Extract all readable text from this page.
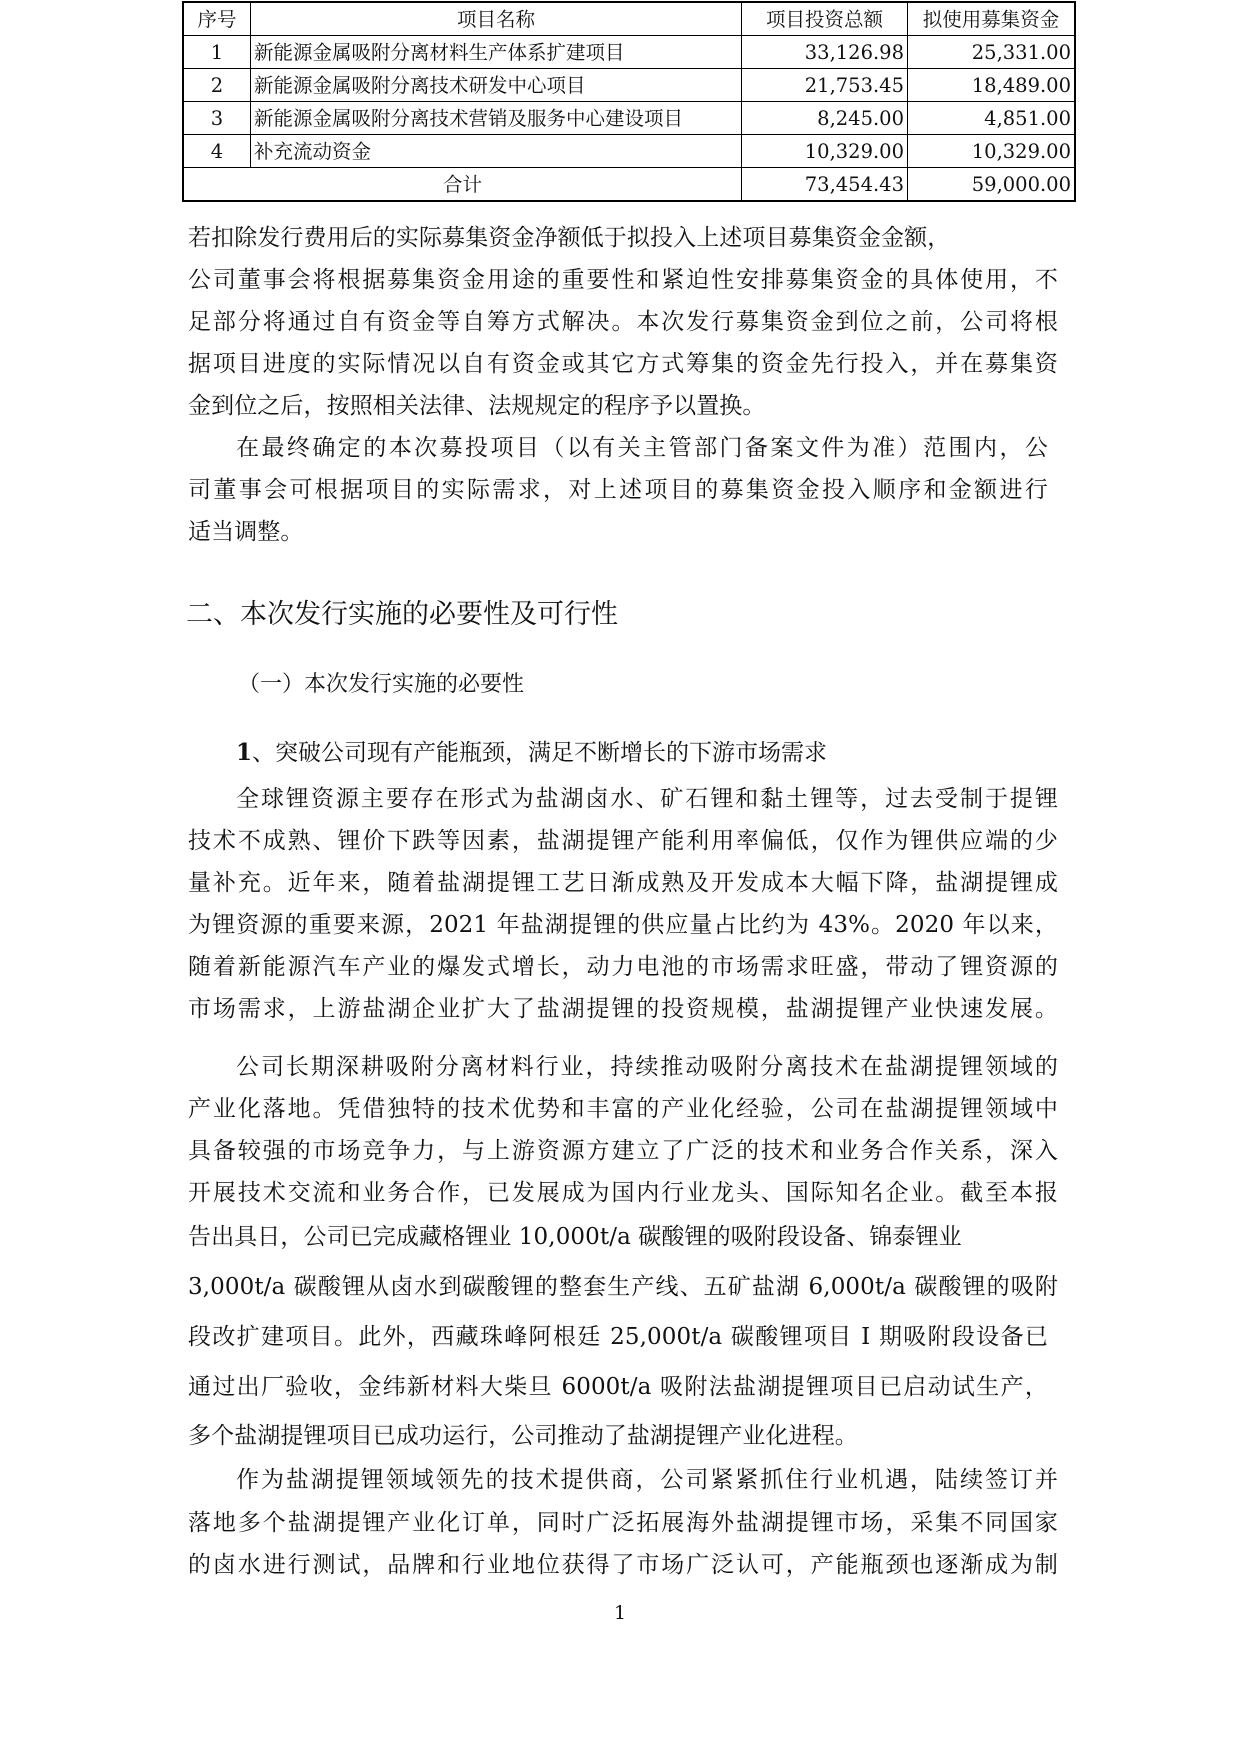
序号	项目名称	项目投资总额	拟使用募集资金
1	新能源金属吸附分离材料生产体系扩建项目	33,126.98	25,331.00
2	新能源金属吸附分离技术研发中心项目	21,753.45	18,489.00
3	新能源金属吸附分离技术营销及服务中心建设项目	8,245.00	4,851.00
4	补充流动资金	10,329.00	10,329.00
合计		73,454.43	59,000.00
若扣除发行费用后的实际募集资金净额低于拟投入上述项目募集资金金额，
公司董事会将根据募集资金用途的重要性和紧迫性安排募集资金的具体使用，不
足部分将通过自有资金等自筹方式解决。本次发行募集资金到位之前，公司将根
据项目进度的实际情况以自有资金或其它方式筹集的资金先行投入，并在募集资
金到位之后，按照相关法律、法规规定的程序予以置换。
在最终确定的本次募投项目（以有关主管部门备案文件为准）范围内，公
司董事会可根据项目的实际需求，对上述项目的募集资金投入顺序和金额进行
适当调整。
二、本次发行实施的必要性及可行性
（一）本次发行实施的必要性
1、突破公司现有产能瓶颈，满足不断增长的下游市场需求
全球锂资源主要存在形式为盐湖卤水、矿石锂和黏土锂等，过去受制于提锂
技术不成熟、锂价下跌等因素，盐湖提锂产能利用率偏低，仅作为锂供应端的少
量补充。近年来，随着盐湖提锂工艺日渐成熟及开发成本大幅下降，盐湖提锂成
为锂资源的重要来源，2021 年盐湖提锂的供应量占比约为 43%。2020 年以来，
随着新能源汽车产业的爆发式增长，动力电池的市场需求旺盛，带动了锂资源的
市场需求，上游盐湖企业扩大了盐湖提锂的投资规模，盐湖提锂产业快速发展。
公司长期深耕吸附分离材料行业，持续推动吸附分离技术在盐湖提锂领域的
产业化落地。凭借独特的技术优势和丰富的产业化经验，公司在盐湖提锂领域中
具备较强的市场竞争力，与上游资源方建立了广泛的技术和业务合作关系，深入
开展技术交流和业务合作，已发展成为国内行业龙头、国际知名企业。截至本报
告出具日，公司已完成藏格锂业 10,000t/a 碳酸锂的吸附段设备、锦泰锂业
3,000t/a 碳酸锂从卤水到碳酸锂的整套生产线、五矿盐湖 6,000t/a 碳酸锂的吸附
段改扩建项目。此外，西藏珠峰阿根廷 25,000t/a 碳酸锂项目 I 期吸附段设备已
通过出厂验收，金纬新材料大柴旦 6000t/a 吸附法盐湖提锂项目已启动试生产，
多个盐湖提锂项目已成功运行，公司推动了盐湖提锂产业化进程。
作为盐湖提锂领域领先的技术提供商，公司紧紧抓住行业机遇，陆续签订并
落地多个盐湖提锂产业化订单，同时广泛拓展海外盐湖提锂市场，采集不同国家
的卤水进行测试，品牌和行业地位获得了市场广泛认可，产能瓶颈也逐渐成为制
1
